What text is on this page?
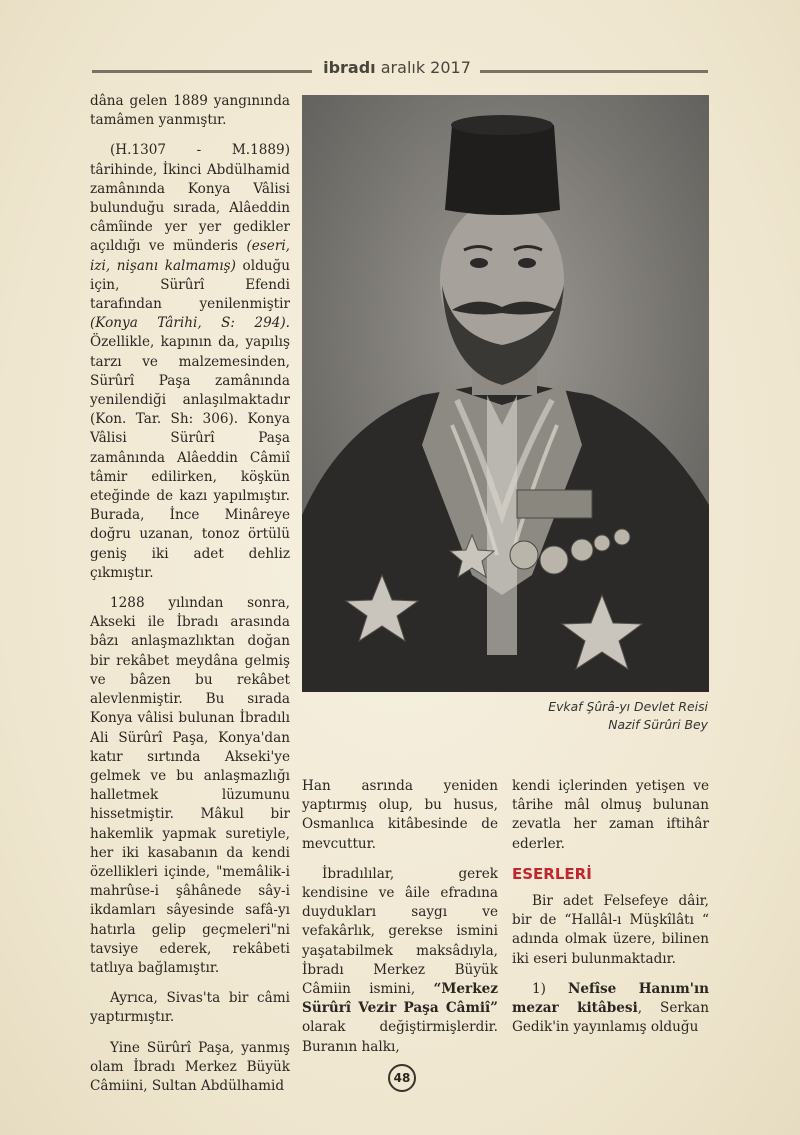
ibradı aralık 2017

dâna gelen 1889 yangınında tamâmen yanmıştır.

(H.1307 - M.1889) târihinde, İkinci Abdülhamid zamânında Konya Vâlisi bulunduğu sırada, Alâeddin câmîinde yer yer gedikler açıldığı ve münderis (eseri, izi, nişanı kalmamış) olduğu için, Sürûrî Efendi tarafından yenilenmiştir (Konya Târihi, S: 294). Özellikle, kapının da, yapılış tarzı ve malzemesinden, Sürûrî Paşa zamânında yenilendiği anlaşılmaktadır (Kon. Tar. Sh: 306). Konya Vâlisi Sürûrî Paşa zamânında Alâeddin Câmiî tâmir edilirken, köşkün eteğinde de kazı yapılmıştır. Burada, İnce Minâreye doğru uzanan, tonoz örtülü geniş iki adet dehliz çıkmıştır.

1288 yılından sonra, Akseki ile İbradı arasında bâzı anlaşmazlıktan doğan bir rekâbet meydâna gelmiş ve bâzen bu rekâbet alevlenmiştir. Bu sırada Konya vâlisi bulunan İbradılı Ali Sürûrî Paşa, Konya'dan katır sırtında Akseki'ye gelmek ve bu anlaşmazlığı halletmek lüzumunu hissetmiştir. Mâkul bir hakemlik yapmak suretiyle, her iki kasabanın da kendi özellikleri içinde, "memâlik-i mahrûse-i şâhânede sây-i ikdamları sâyesinde safâ-yı hatırla gelip geçmeleri"ni tavsiye ederek, rekâbeti tatlıya bağlamıştır.

Ayrıca, Sivas'ta bir câmi yaptırmıştır.

Yine Sürûrî Paşa, yanmış olam İbradı Merkez Büyük Câmiini, Sultan Abdülhamid

Evkaf Şûrâ-yı Devlet Reisi
Nazif Sürûri Bey

Han asrında yeniden yaptırmış olup, bu husus, Osmanlıca kitâbesinde de mevcuttur.

İbradılılar, gerek kendisine ve âile efradına duydukları saygı ve vefakârlık, gerekse ismini yaşatabilmek maksâdıyla, İbradı Merkez Büyük Câmiin ismini, “Merkez Sürûrî Vezir Paşa Câmiî” olarak değiştirmişlerdir. Buranın halkı,

kendi içlerinden yetişen ve târihe mâl olmuş bulunan zevatla her zaman iftihâr ederler.

ESERLERİ

Bir adet Felsefeye dâir, bir de “Hallâl-ı Müşkîlâtı “ adında olmak üzere, bilinen iki eseri bulunmaktadır.

1) Nefîse Hanım'ın mezar kitâbesi, Serkan Gedik'in yayınlamış olduğu

48
